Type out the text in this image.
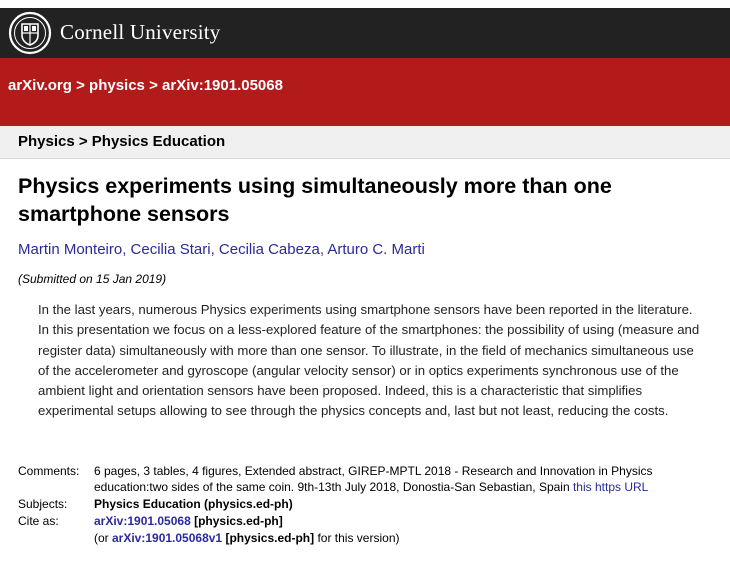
Cornell University
arXiv.org > physics > arXiv:1901.05068
Physics > Physics Education
Physics experiments using simultaneously more than one smartphone sensors
Martin Monteiro, Cecilia Stari, Cecilia Cabeza, Arturo C. Marti
(Submitted on 15 Jan 2019)

In the last years, numerous Physics experiments using smartphone sensors have been reported in the literature. In this presentation we focus on a less-explored feature of the smartphones: the possibility of using (measure and register data) simultaneously with more than one sensor. To illustrate, in the field of mechanics simultaneous use of the accelerometer and gyroscope (angular velocity sensor) or in optics experiments synchronous use of the ambient light and orientation sensors have been proposed. Indeed, this is a characteristic that simplifies experimental setups allowing to see through the physics concepts and, last but not least, reducing the costs.

Comments:	6 pages, 3 tables, 4 figures, Extended abstract, GIREP-MPTL 2018 - Research and Innovation in Physics education:two sides of the same coin. 9th-13th July 2018, Donostia-San Sebastian, Spain this https URL
Subjects:	Physics Education (physics.ed-ph)
Cite as:	arXiv:1901.05068 [physics.ed-ph]
(or arXiv:1901.05068v1 [physics.ed-ph] for this version)
